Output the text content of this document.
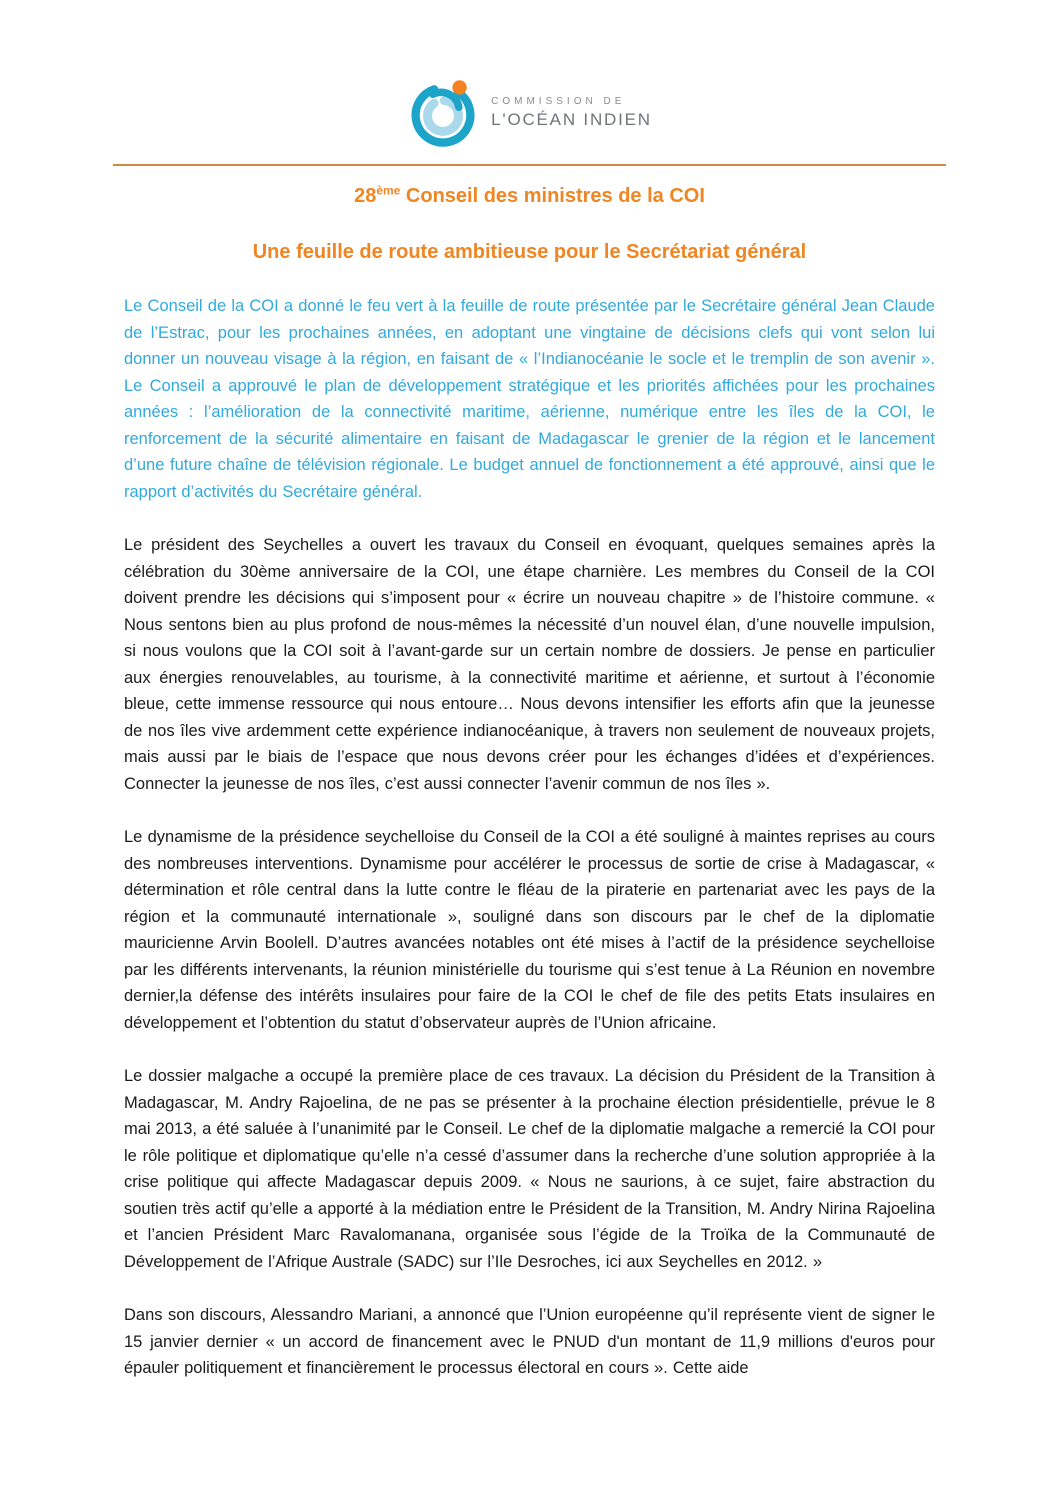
COMMISSION DE
L'OCÉAN INDIEN
28ème Conseil des ministres de la COI
Une feuille de route ambitieuse pour le Secrétariat général

Le Conseil de la COI a donné le feu vert à la feuille de route présentée par le Secrétaire général Jean Claude de l’Estrac, pour les prochaines années, en adoptant une vingtaine de décisions clefs qui vont selon lui donner un nouveau visage à la région, en faisant de « l’Indianocéanie le socle et le tremplin de son avenir ». Le Conseil a approuvé le plan de développement stratégique et les priorités affichées pour les prochaines années : l’amélioration de la connectivité maritime, aérienne, numérique entre les îles de la COI, le renforcement de la sécurité alimentaire en faisant de Madagascar le grenier de la région et le lancement d’une future chaîne de télévision régionale. Le budget annuel de fonctionnement a été approuvé, ainsi que le rapport d’activités du Secrétaire général.

Le président des Seychelles a ouvert les travaux du Conseil en évoquant, quelques semaines après la célébration du 30ème anniversaire de la COI, une étape charnière. Les membres du Conseil de la COI doivent prendre les décisions qui s’imposent pour « écrire un nouveau chapitre » de l’histoire commune. « Nous sentons bien au plus profond de nous-mêmes la nécessité d’un nouvel élan, d’une nouvelle impulsion, si nous voulons que la COI soit à l’avant-garde sur un certain nombre de dossiers. Je pense en particulier aux énergies renouvelables, au tourisme, à la connectivité maritime et aérienne, et surtout à l’économie bleue, cette immense ressource qui nous entoure… Nous devons intensifier les efforts afin que la jeunesse de nos îles vive ardemment cette expérience indianocéanique, à travers non seulement de nouveaux projets, mais aussi par le biais de l’espace que nous devons créer pour les échanges d’idées et d’expériences. Connecter la jeunesse de nos îles, c’est aussi connecter l’avenir commun de nos îles ».

Le dynamisme de la présidence seychelloise du Conseil de la COI a été souligné à maintes reprises au cours des nombreuses interventions. Dynamisme pour accélérer le processus de sortie de crise à Madagascar, « détermination et rôle central dans la lutte contre le fléau de la piraterie en partenariat avec les pays de la région et la communauté internationale », souligné dans son discours par le chef de la diplomatie mauricienne Arvin Boolell. D’autres avancées notables ont été mises à l’actif de la présidence seychelloise par les différents intervenants, la réunion ministérielle du tourisme qui s’est tenue à La Réunion en novembre dernier,la défense des intérêts insulaires pour faire de la COI le chef de file des petits Etats insulaires en développement et l’obtention du statut d’observateur auprès de l’Union africaine.

Le dossier malgache a occupé la première place de ces travaux. La décision du Président de la Transition à Madagascar, M. Andry Rajoelina, de ne pas se présenter à la prochaine élection présidentielle, prévue le 8 mai 2013, a été saluée à l’unanimité par le Conseil. Le chef de la diplomatie malgache a remercié la COI pour le rôle politique et diplomatique qu’elle n’a cessé d’assumer dans la recherche d’une solution appropriée à la crise politique qui affecte Madagascar depuis 2009. « Nous ne saurions, à ce sujet, faire abstraction du soutien très actif qu’elle a apporté à la médiation entre le Président de la Transition, M. Andry Nirina Rajoelina et l’ancien Président Marc Ravalomanana, organisée sous l’égide de la Troïka de la Communauté de Développement de l’Afrique Australe (SADC) sur l’Ile Desroches, ici aux Seychelles en 2012. »

Dans son discours, Alessandro Mariani, a annoncé que l’Union européenne qu’il représente vient de signer le 15 janvier dernier « un accord de financement avec le PNUD d'un montant de 11,9 millions d'euros pour épauler politiquement et financièrement le processus électoral en cours ». Cette aide
